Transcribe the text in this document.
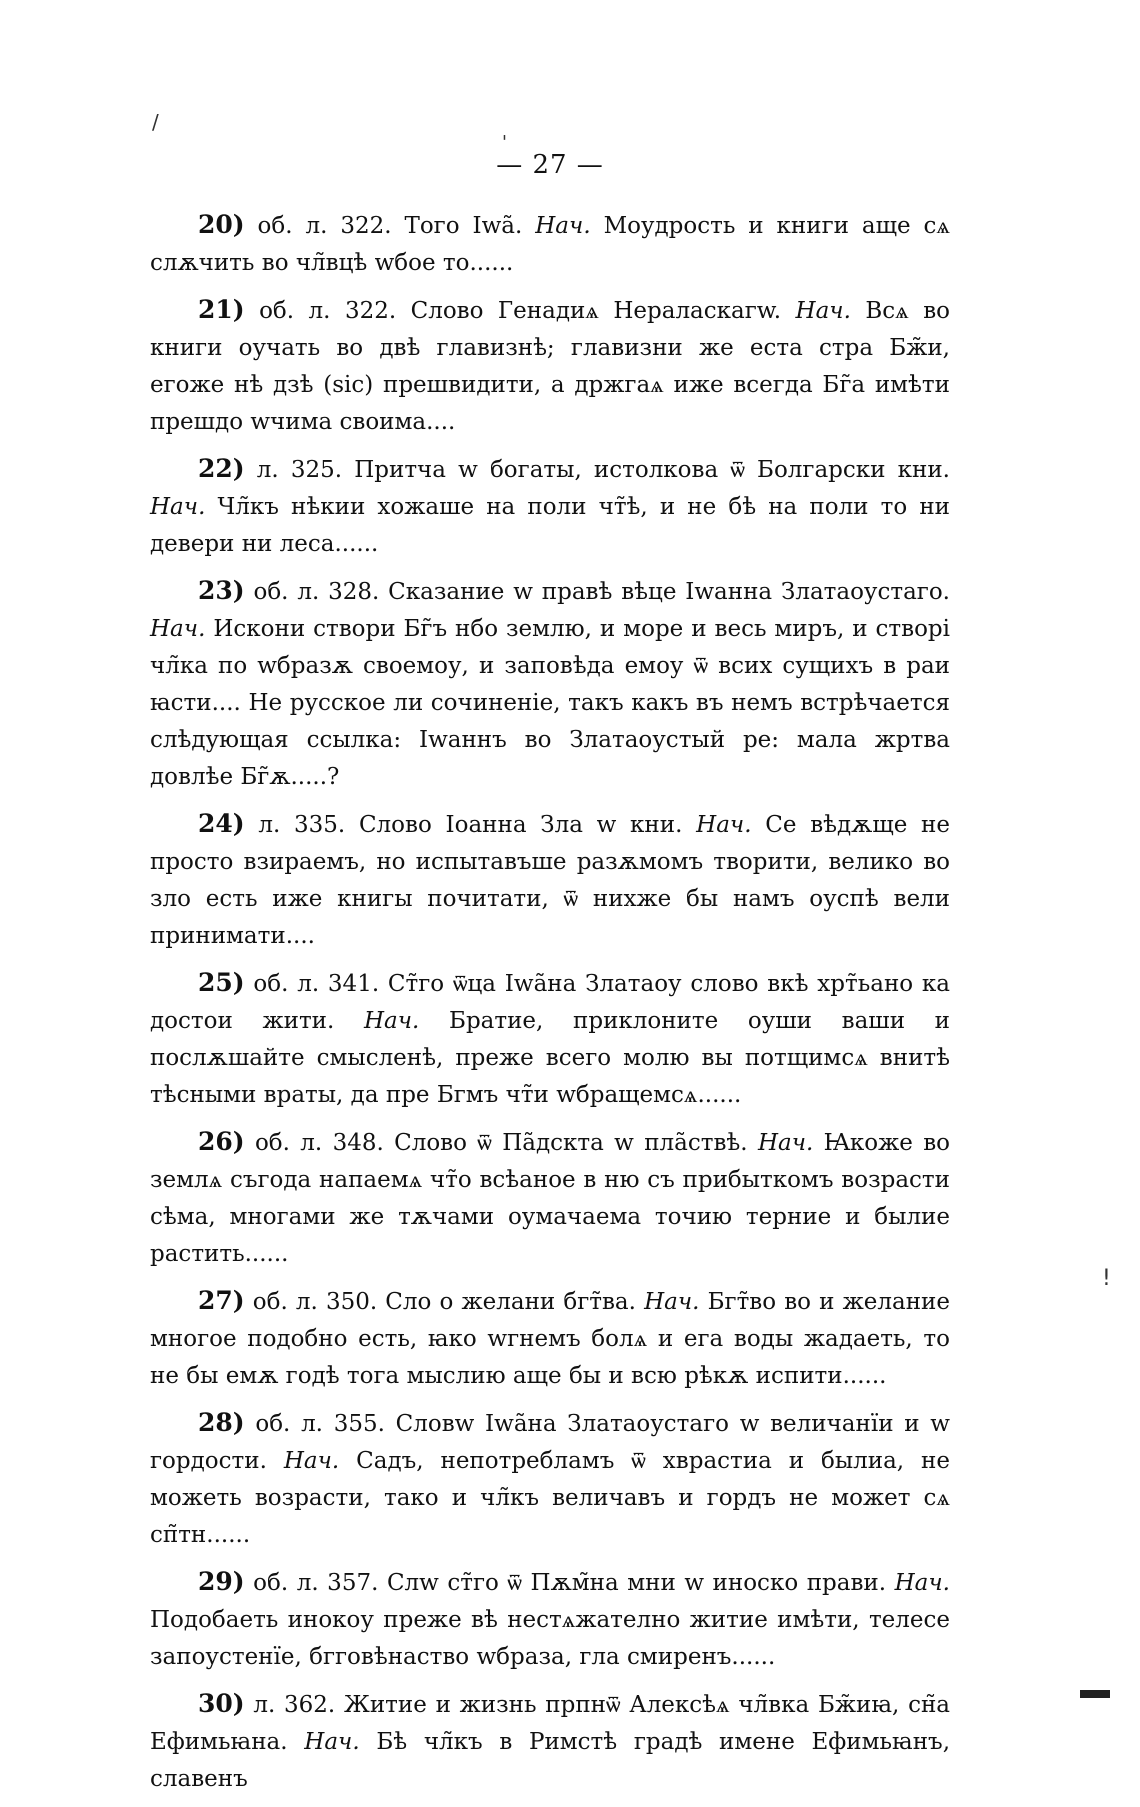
/
'
!
— 27 —

20) об. л. 322. Того Іwа̃. Нач. Моудрость и книги аще сѧ слѫчить во чл̃вцѣ wбое то......

21) об. л. 322. Слово Генадиѧ Нераласкагw. Нач. Всѧ во книги оучать во двѣ главизнѣ; главизни же еста стра Бж̃и, егоже нѣ дзѣ (sic) прешвидити, а држгаѧ иже всегда Бг̃а имѣти прешдо wчима своима....

22) л. 325. Притча w богаты, истолкова ѿ Болгарски кни. Нач. Чл̃къ нѣкии хожаше на поли чт̃ѣ, и не бѣ на поли то ни девери ни леса......

23) об. л. 328. Сказание w правѣ вѣце Іwанна Златаоустаго. Нач. Искони створи Бг̃ъ нбо землю, и море и весь миръ, и створі чл̃ка по wбразѫ своемоу, и заповѣда емоу ѿ всих сущихъ в раи ꙗсти.... Не русское ли сочиненіе, такъ какъ въ немъ встрѣчается слѣдующая ссылка: Іwаннъ во Златаоустый ре: мала жртва довлѣе Бг̃ѫ.....?

24) л. 335. Слово Іоанна Зла w кни. Нач. Се вѣдѫще не просто взираемъ, но испытавъше разѫмомъ творити, велико во зло есть иже книгы почитати, ѿ нихже бы намъ оуспѣ вели принимати....

25) об. л. 341. Ст̃го ѿца Іwа̃на Златаоу слово вкѣ хрт̃ьано ка достои жити. Нач. Братие, приклоните оуши ваши и послѫшайте смысленѣ, преже всего молю вы потщимсѧ внитѣ тѣсными враты, да пре Бгмъ чт̃и wбращемсѧ......

26) об. л. 348. Слово ѿ Па̃дскта w пла̃ствѣ. Нач. Ꙗкоже во землѧ съгода напаемѧ чт̃о всѣаное в ню съ прибыткомъ возрасти сѣма, многами же тѫчами оумачаема точию терние и былие растить......

27) об. л. 350. Сло о желани бгт̃ва. Нач. Бгт̃во во и желание многое подобно есть, ꙗко wгнемъ болѧ и ега воды жадаеть, то не бы емѫ годѣ тога мыслию аще бы и всю рѣкѫ испити......

28) об. л. 355. Словw Іwа̃на Златаоустаго w величанїи и w гордости. Нач. Садъ, непотребламъ ѿ хврастиа и былиа, не можеть возрасти, тако и чл̃къ величавъ и гордъ не может сѧ сп̃тн......

29) об. л. 357. Слw ст̃го ѿ Пѫм̃на мни w иноско прави. Нач. Подобаеть инокоу преже вѣ нестѧжателно житие имѣти, телесе запоустенїе, бгговѣнаство wбраза, гла смиренъ......

30) л. 362. Житие и жизнь прпнѿ Алексѣѧ чл̃вка Бж̃иꙗ, сн̃а Ефимьꙗна. Нач. Бѣ чл̃къ в Римстѣ градѣ имене Ефимьꙗнъ, славенъ
